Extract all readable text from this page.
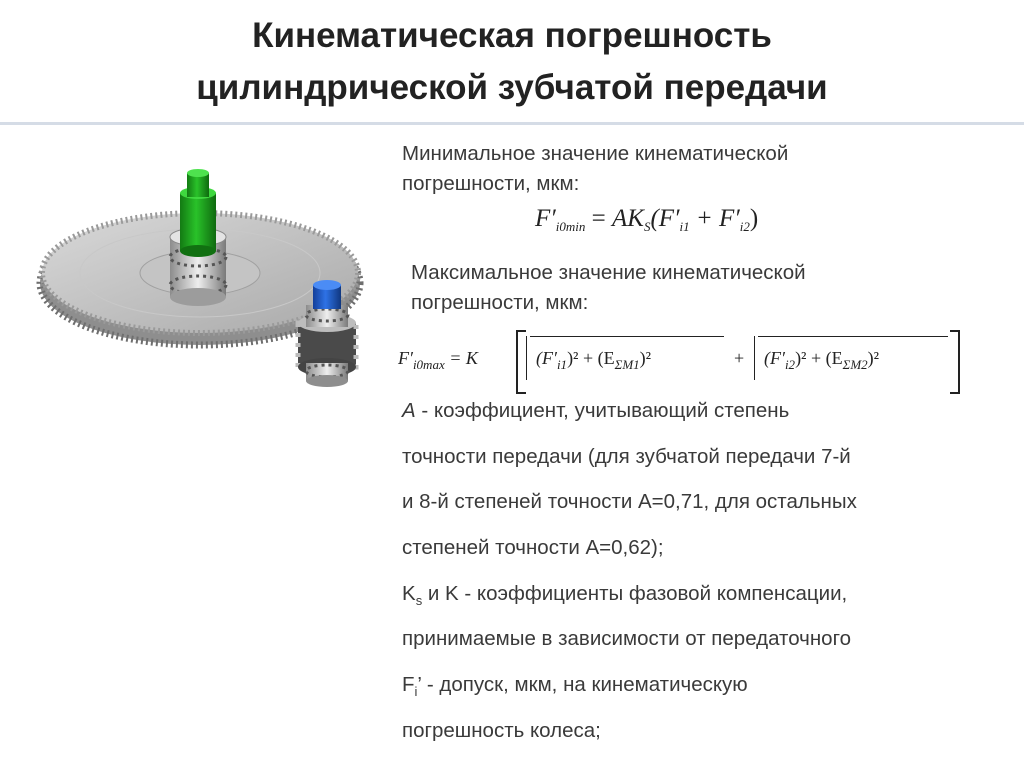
Кинематическая погрешность
цилиндрической зубчатой передачи
Минимальное значение кинематической
погрешности, мкм:
$F'_{i0min} = AK_S(F'_{i1} + F'_{i2})$
Максимальное значение кинематической
погрешности, мкм:
$F'_{i0max} = K$	$(F'_{i1})^2 + (E_{\Sigma M1})^2$	+ $(F'_{i2})^2 + (E_{\Sigma M2})^2$
A - коэффициент, учитывающий степень
точности передачи (для зубчатой передачи 7-й
и 8-й степеней точности А=0,71, для остальных
степеней точности А=0,62);
$K_s$ и K - коэффициенты фазовой компенсации,
принимаемые в зависимости от передаточного
$F_i$’ - допуск, мкм, на кинематическую
погрешность колеса;
